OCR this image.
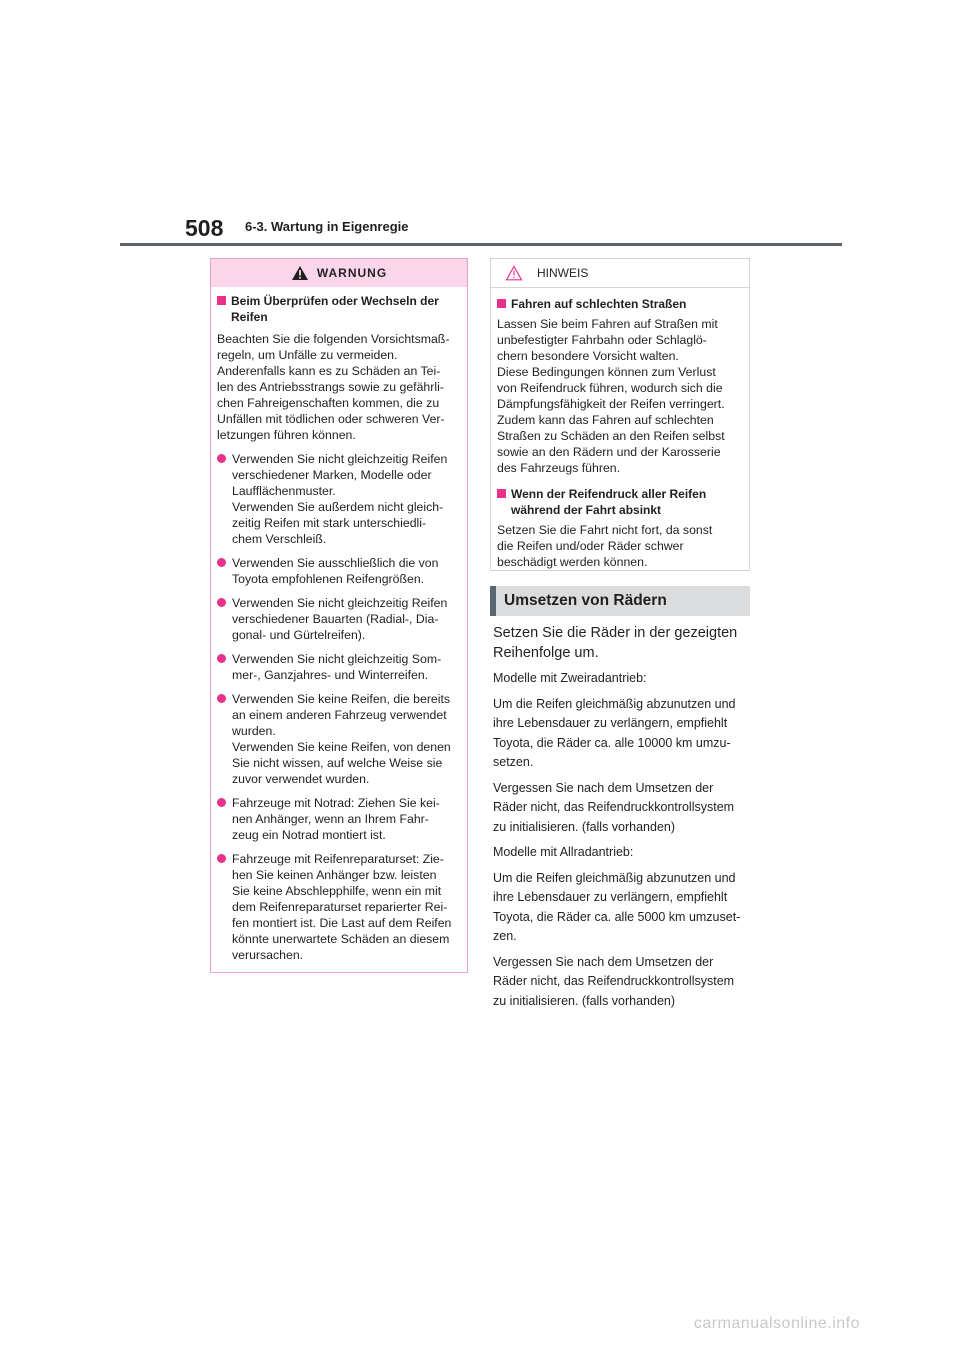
508 6-3. Wartung in Eigenregie
WARNUNG
Beim Überprüfen oder Wechseln der
Reifen
Beachten Sie die folgenden Vorsichtsmaß-
regeln, um Unfälle zu vermeiden.
Anderenfalls kann es zu Schäden an Tei-
len des Antriebsstrangs sowie zu gefährli-
chen Fahreigenschaften kommen, die zu
Unfällen mit tödlichen oder schweren Ver-
letzungen führen können.
Verwenden Sie nicht gleichzeitig Reifen
verschiedener Marken, Modelle oder
Laufflächenmuster.
Verwenden Sie außerdem nicht gleich-
zeitig Reifen mit stark unterschiedli-
chem Verschleiß.
Verwenden Sie ausschließlich die von
Toyota empfohlenen Reifengrößen.
Verwenden Sie nicht gleichzeitig Reifen
verschiedener Bauarten (Radial-, Dia-
gonal- und Gürtelreifen).
Verwenden Sie nicht gleichzeitig Som-
mer-, Ganzjahres- und Winterreifen.
Verwenden Sie keine Reifen, die bereits
an einem anderen Fahrzeug verwendet
wurden.
Verwenden Sie keine Reifen, von denen
Sie nicht wissen, auf welche Weise sie
zuvor verwendet wurden.
Fahrzeuge mit Notrad: Ziehen Sie kei-
nen Anhänger, wenn an Ihrem Fahr-
zeug ein Notrad montiert ist.
Fahrzeuge mit Reifenreparaturset: Zie-
hen Sie keinen Anhänger bzw. leisten
Sie keine Abschlepphilfe, wenn ein mit
dem Reifenreparaturset reparierter Rei-
fen montiert ist. Die Last auf dem Reifen
könnte unerwartete Schäden an diesem
verursachen.
HINWEIS
Fahren auf schlechten Straßen
Lassen Sie beim Fahren auf Straßen mit
unbefestigter Fahrbahn oder Schlaglö-
chern besondere Vorsicht walten.
Diese Bedingungen können zum Verlust
von Reifendruck führen, wodurch sich die
Dämpfungsfähigkeit der Reifen verringert.
Zudem kann das Fahren auf schlechten
Straßen zu Schäden an den Reifen selbst
sowie an den Rädern und der Karosserie
des Fahrzeugs führen.
Wenn der Reifendruck aller Reifen
während der Fahrt absinkt
Setzen Sie die Fahrt nicht fort, da sonst
die Reifen und/oder Räder schwer
beschädigt werden können.
Umsetzen von Rädern

Setzen Sie die Räder in der gezeigten
Reihenfolge um.

Modelle mit Zweiradantrieb:

Um die Reifen gleichmäßig abzunutzen und
ihre Lebensdauer zu verlängern, empfiehlt
Toyota, die Räder ca. alle 10000 km umzu-
setzen.

Vergessen Sie nach dem Umsetzen der
Räder nicht, das Reifendruckkontrollsystem
zu initialisieren. (falls vorhanden)

Modelle mit Allradantrieb:

Um die Reifen gleichmäßig abzunutzen und
ihre Lebensdauer zu verlängern, empfiehlt
Toyota, die Räder ca. alle 5000 km umzuset-
zen.

Vergessen Sie nach dem Umsetzen der
Räder nicht, das Reifendruckkontrollsystem
zu initialisieren. (falls vorhanden)

carmanualsonline.info
